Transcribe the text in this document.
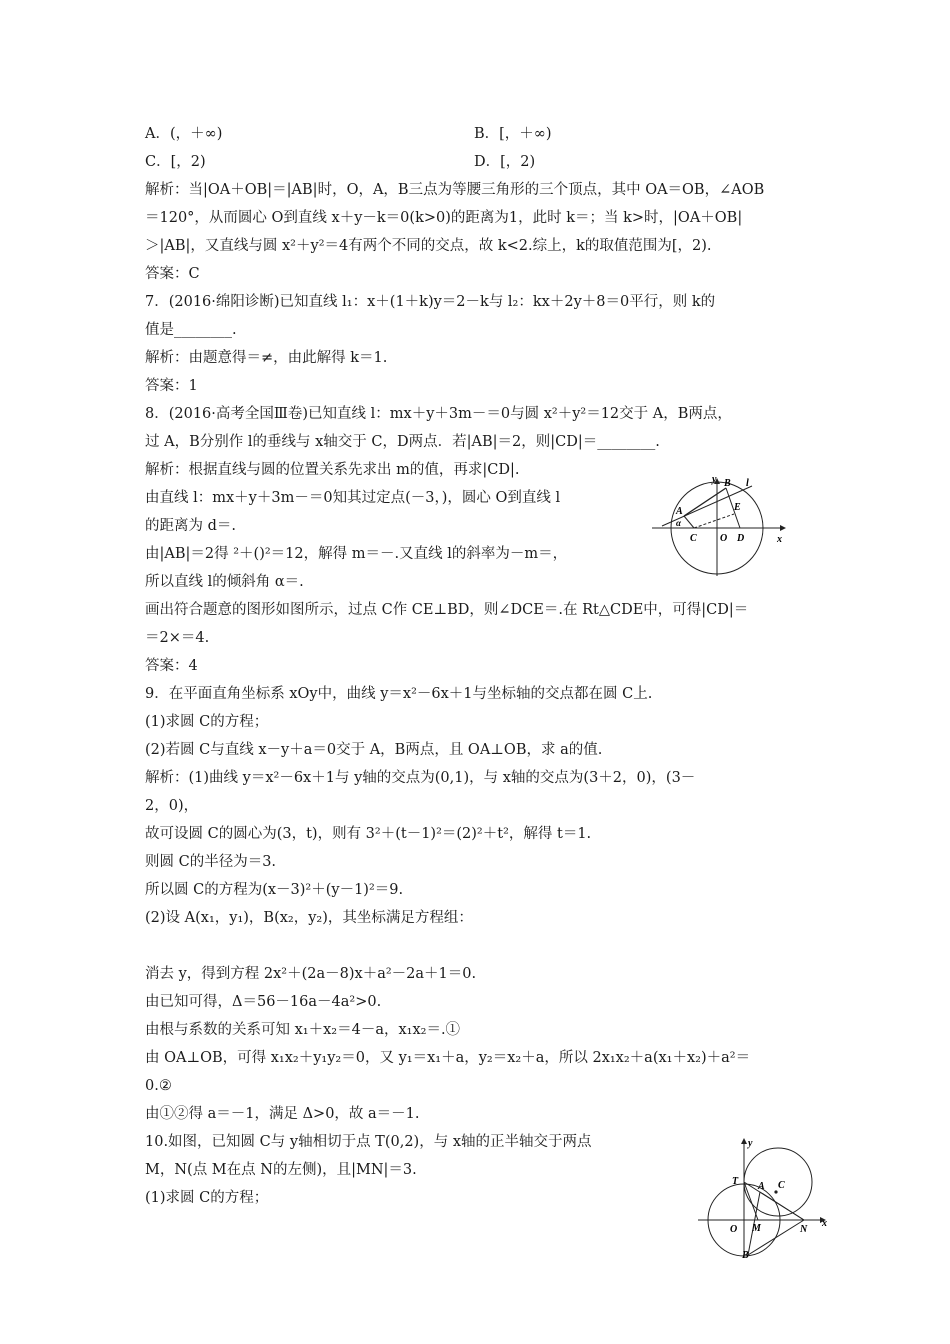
A．(，＋∞)	B．[，＋∞)
C．[，2)	D．[，2)
解析：当|OA＋OB|＝|AB|时，O，A，B三点为等腰三角形的三个顶点，其中 OA＝OB，∠AOB
＝120°，从而圆心 O到直线 x＋y－k＝0(k>0)的距离为1，此时 k＝；当 k>时，|OA＋OB|
＞|AB|，又直线与圆 x²＋y²＝4有两个不同的交点，故 k<2.综上，k的取值范围为[，2).
答案：C
7．(2016·绵阳诊断)已知直线 l₁：x＋(1＋k)y＝2－k与 l₂：kx＋2y＋8＝0平行，则 k的
值是________.
解析：由题意得＝≠，由此解得 k＝1.
答案：1
8．(2016·高考全国Ⅲ卷)已知直线 l：mx＋y＋3m－＝0与圆 x²＋y²＝12交于 A，B两点，
过 A，B分别作 l的垂线与 x轴交于 C，D两点．若|AB|＝2，则|CD|＝________.
解析：根据直线与圆的位置关系先求出 m的值，再求|CD|.
由直线 l：mx＋y＋3m－＝0知其过定点(－3，)，圆心 O到直线 l
的距离为 d＝.
由|AB|＝2得 ²＋()²＝12，解得 m＝－.又直线 l的斜率为－m＝，
所以直线 l的倾斜角 α＝.
画出符合题意的图形如图所示，过点 C作 CE⊥BD，则∠DCE＝.在 Rt△CDE中，可得|CD|＝
＝2×＝4.
答案：4
y
x
B l
A
α
E
C O D
9．在平面直角坐标系 xOy中，曲线 y＝x²－6x＋1与坐标轴的交点都在圆 C上.
(1)求圆 C的方程；
(2)若圆 C与直线 x－y＋a＝0交于 A，B两点，且 OA⊥OB，求 a的值.
解析：(1)曲线 y＝x²－6x＋1与 y轴的交点为(0,1)，与 x轴的交点为(3＋2，0)，(3－
2，0)，
故可设圆 C的圆心为(3，t)，则有 3²＋(t－1)²＝(2)²＋t²，解得 t＝1.
则圆 C的半径为＝3.
所以圆 C的方程为(x－3)²＋(y－1)²＝9.
(2)设 A(x₁，y₁)，B(x₂，y₂)，其坐标满足方程组：
消去 y，得到方程 2x²＋(2a－8)x＋a²－2a＋1＝0.
由已知可得，Δ＝56－16a－4a²>0.
由根与系数的关系可知 x₁＋x₂＝4－a，x₁x₂＝.①
由 OA⊥OB，可得 x₁x₂＋y₁y₂＝0，又 y₁＝x₁＋a，y₂＝x₂＋a，所以 2x₁x₂＋a(x₁＋x₂)＋a²＝
0.②
由①②得 a＝－1，满足 Δ>0，故 a＝－1.
10.如图，已知圆 C与 y轴相切于点 T(0,2)，与 x轴的正半轴交于两点
M，N(点 M在点 N的左侧)，且|MN|＝3.
(1)求圆 C的方程；
y
x
T A C
O M	N
B
